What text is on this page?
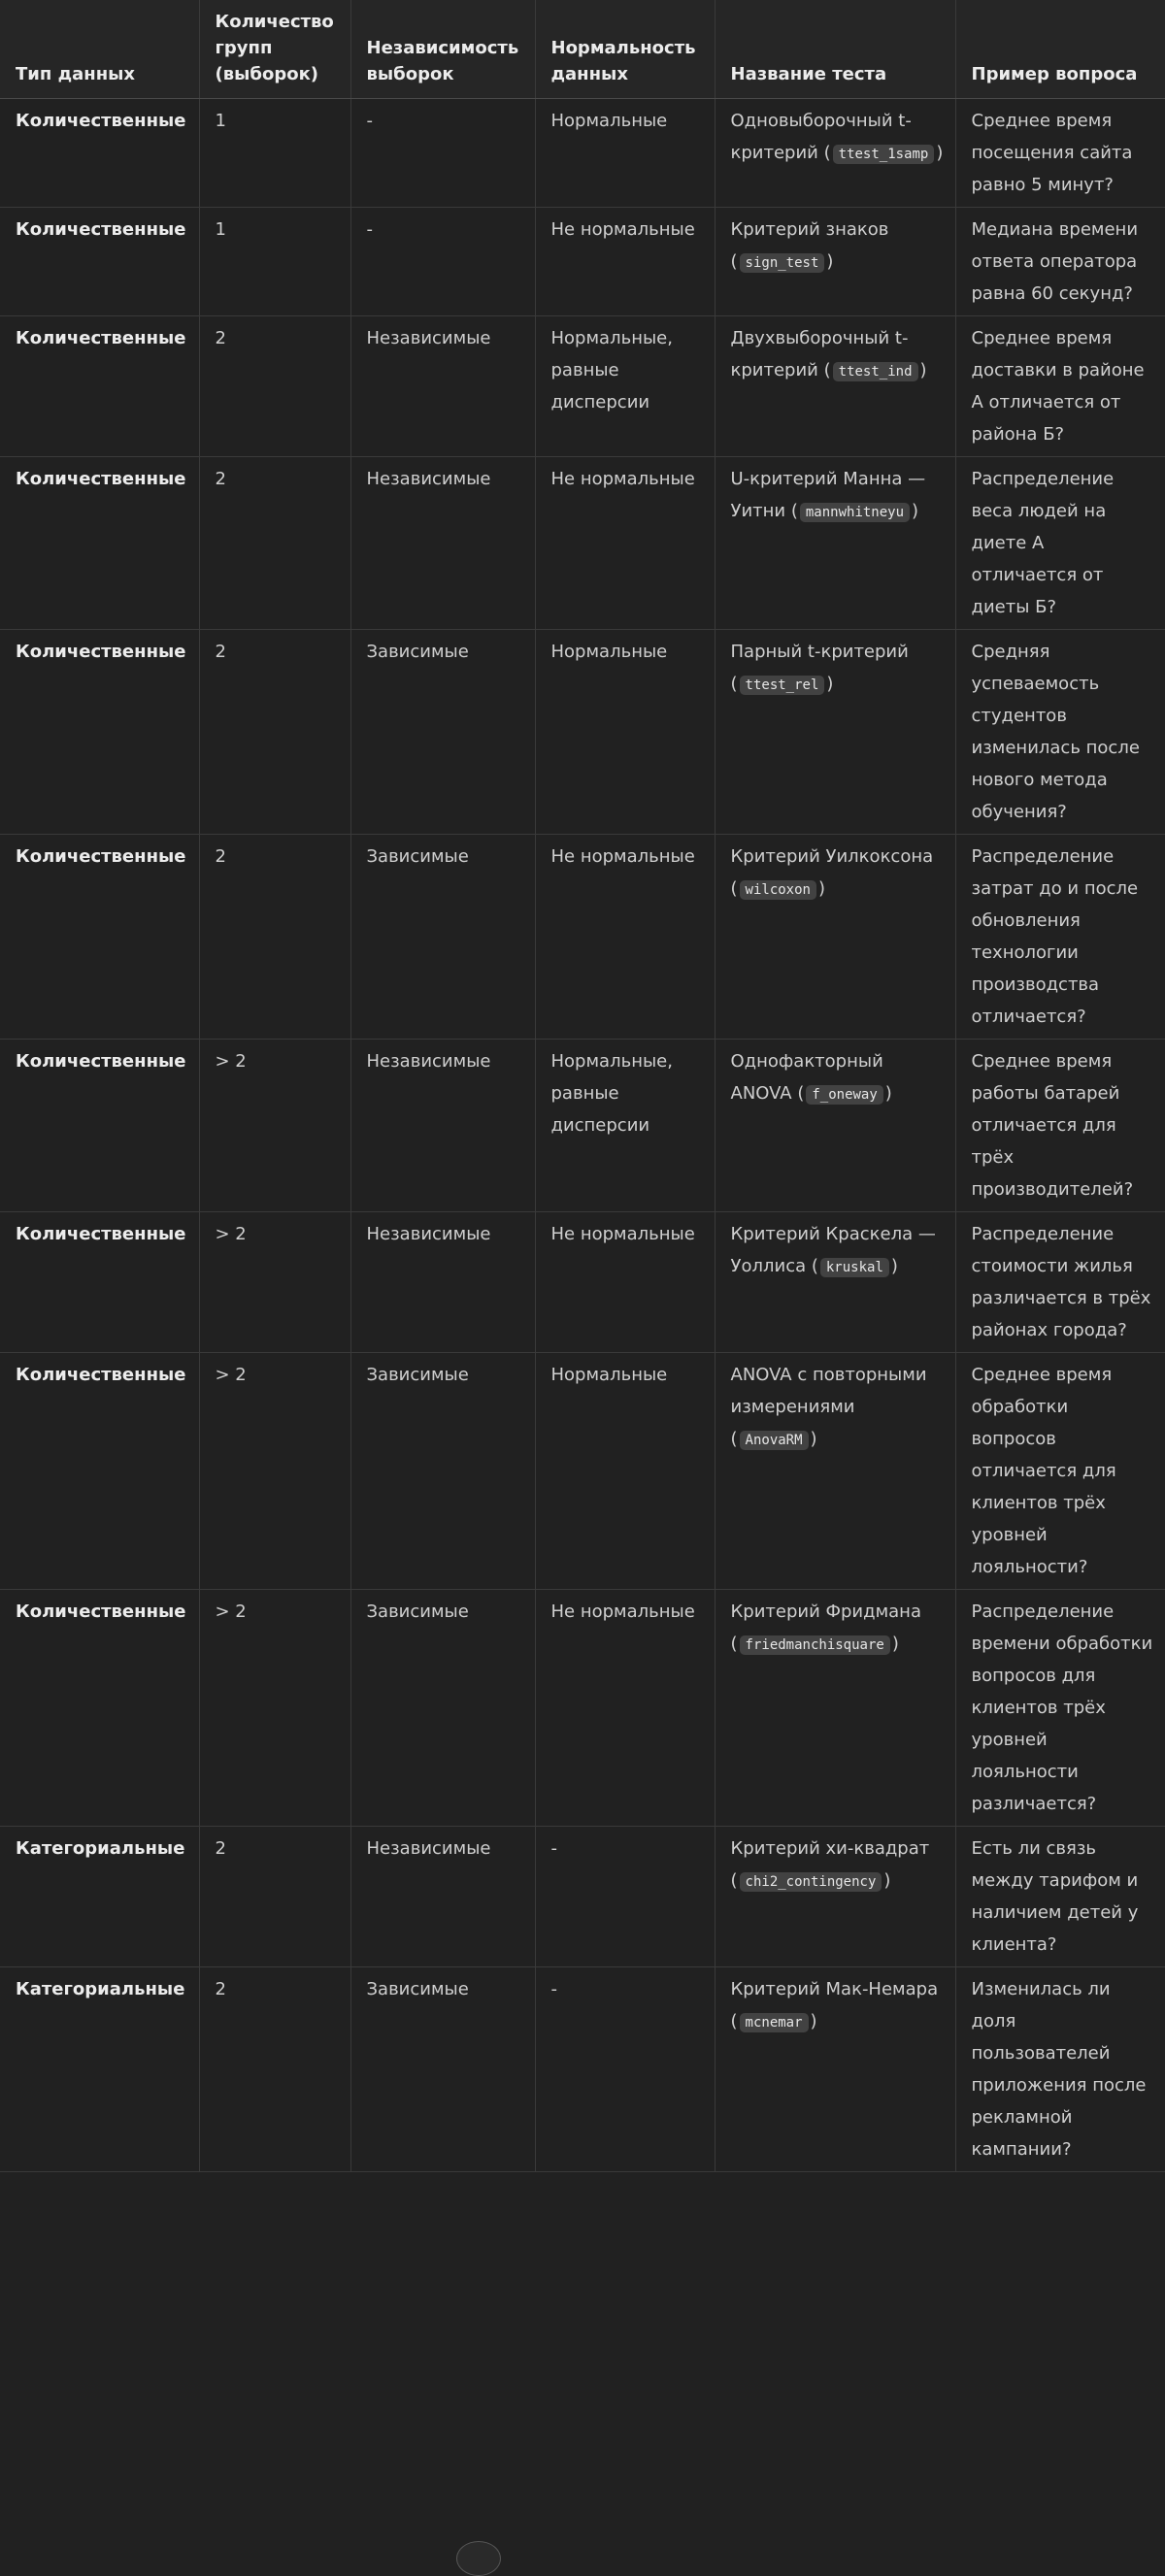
Тип данных	Количество групп (выборок)	Независимость выборок	Нормальность данных	Название теста	Пример вопроса
Количественные	1	-	Нормальные	Одновыборочный t-критерий ( ttest_1samp )	Среднее время посещения сайта равно 5 минут?
Количественные	1	-	Не нормальные	Критерий знаков ( sign_test )	Медиана времени ответа оператора равна 60 секунд?
Количественные	2	Независимые	Нормальные, равные дисперсии	Двухвыборочный t-критерий ( ttest_ind )	Среднее время доставки в районе А отличается от района Б?
Количественные	2	Независимые	Не нормальные	U-критерий Манна — Уитни ( mannwhitneyu )	Распределение веса людей на диете А отличается от диеты Б?
Количественные	2	Зависимые	Нормальные	Парный t-критерий ( ttest_rel )	Средняя успеваемость студентов изменилась после нового метода обучения?
Количественные	2	Зависимые	Не нормальные	Критерий Уилкоксона ( wilcoxon )	Распределение затрат до и после обновления технологии производства отличается?
Количественные	> 2	Независимые	Нормальные, равные дисперсии	Однофакторный ANOVA ( f_oneway )	Среднее время работы батарей отличается для трёх производителей?
Количественные	> 2	Независимые	Не нормальные	Критерий Краскела — Уоллиса ( kruskal )	Распределение стоимости жилья различается в трёх районах города?
Количественные	> 2	Зависимые	Нормальные	ANOVA с повторными измерениями ( AnovaRM )	Среднее время обработки вопросов отличается для клиентов трёх уровней лояльности?
Количественные	> 2	Зависимые	Не нормальные	Критерий Фридмана ( friedmanchisquare )	Распределение времени обработки вопросов для клиентов трёх уровней лояльности различается?
Категориальные	2	Независимые	-	Критерий хи-квадрат ( chi2_contingency )	Есть ли связь между тарифом и наличием детей у клиента?
Категориальные	2	Зависимые	-	Критерий Мак-Немара ( mcnemar )	Изменилась ли доля пользователей приложения после рекламной кампании?
